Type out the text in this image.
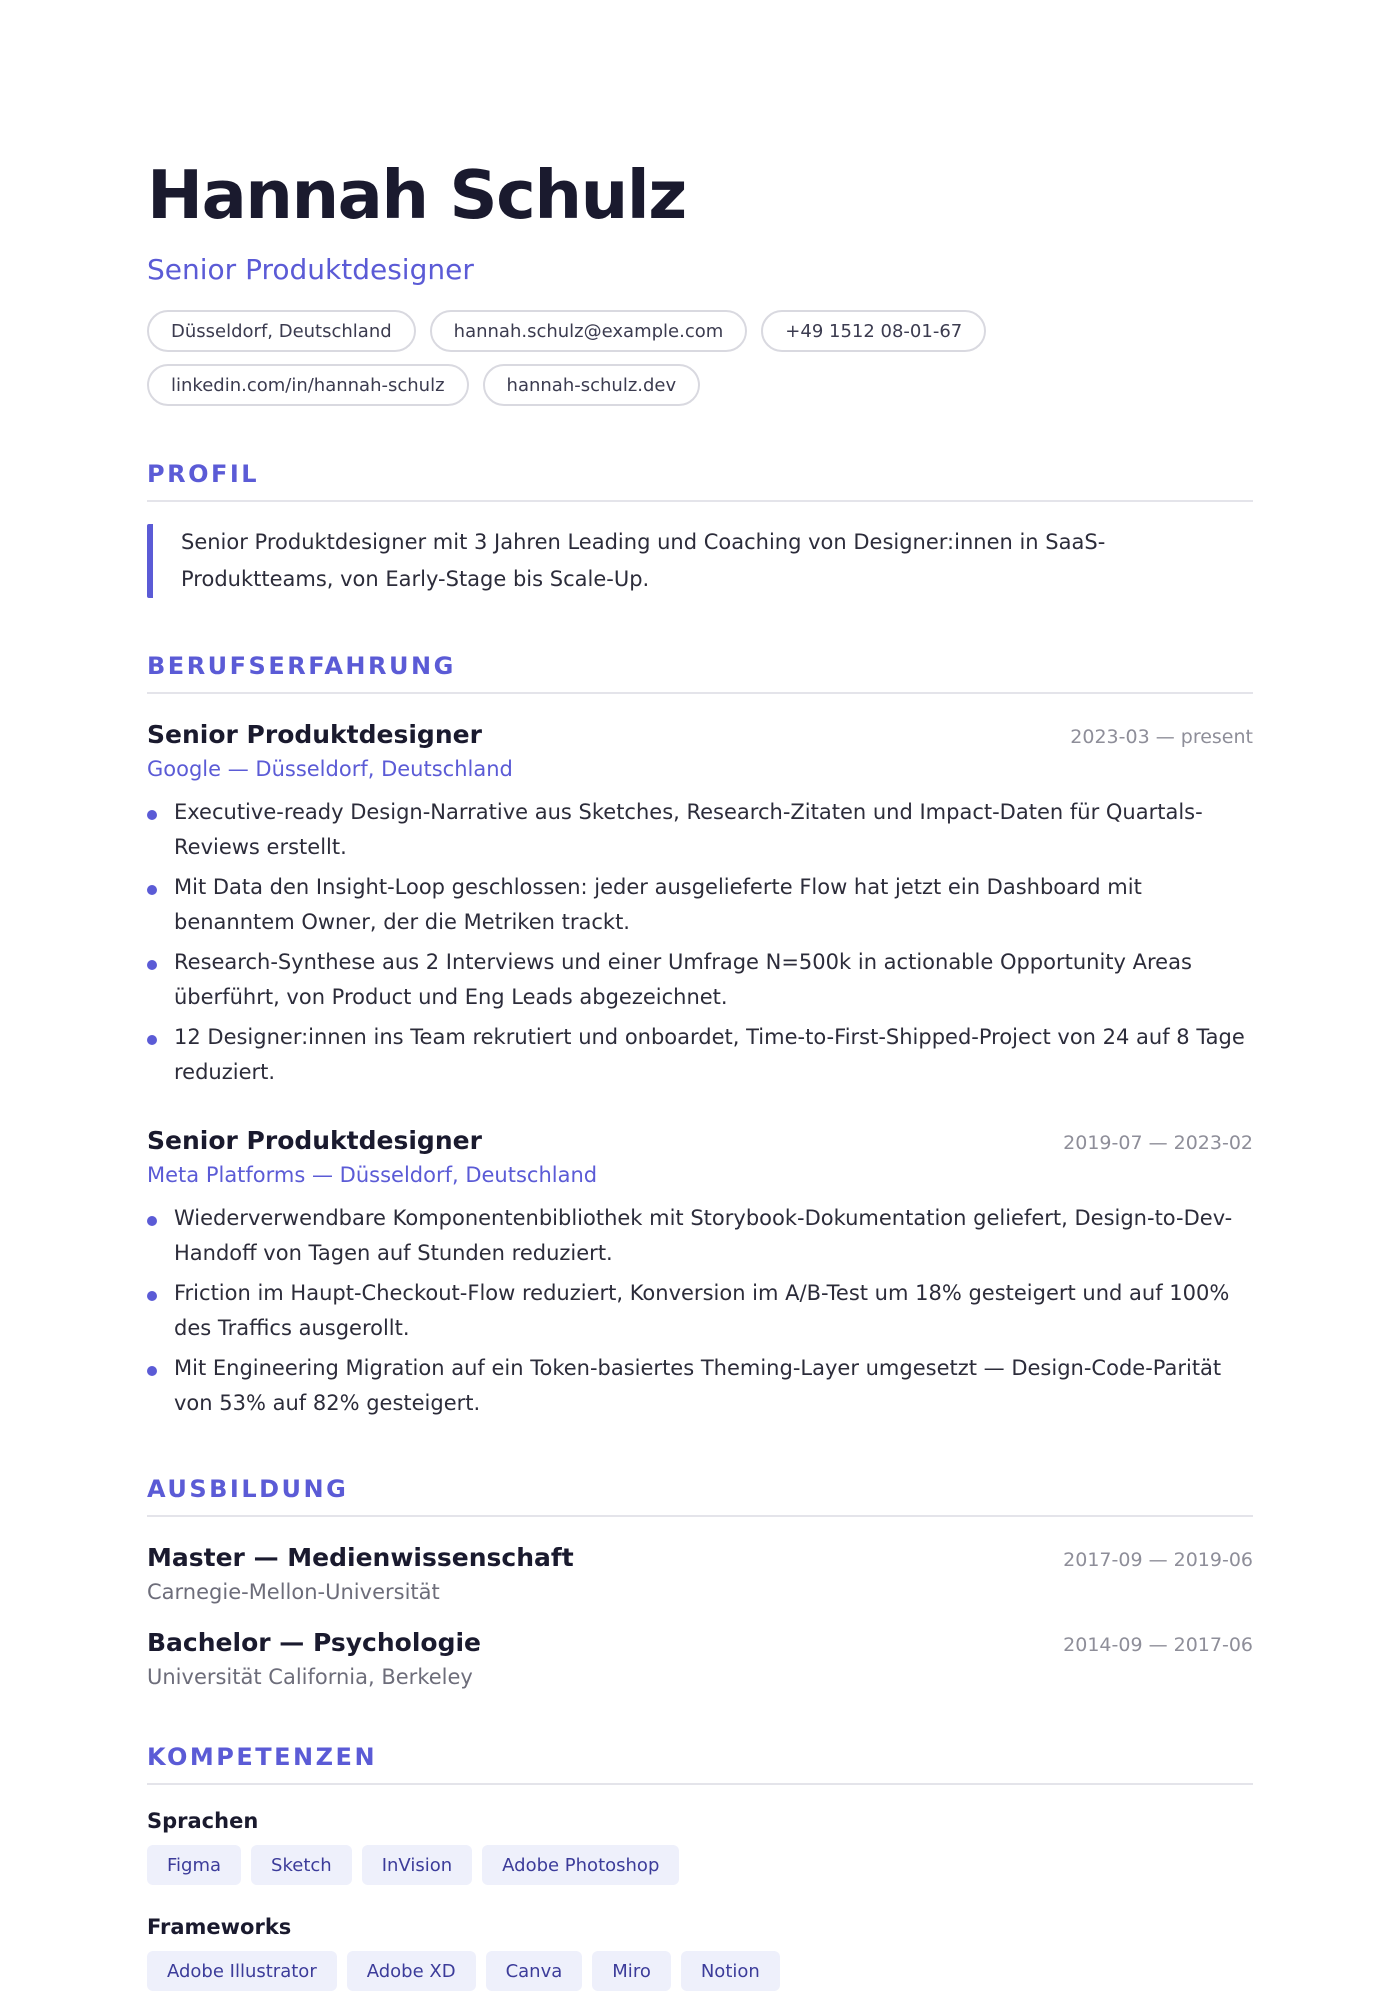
Hannah Schulz
Senior Produktdesigner
Düsseldorf, Deutschland	hannah.schulz@example.com	+49 1512 08-01-67
linkedin.com/in/hannah-schulz	hannah-schulz.dev
PROFIL
Senior Produktdesigner mit 3 Jahren Leading und Coaching von Designer:innen in SaaS-Produktteams, von Early-Stage bis Scale-Up.
BERUFSERFAHRUNG
Senior Produktdesigner	2023-03 — present
Google — Düsseldorf, Deutschland
Executive-ready Design-Narrative aus Sketches, Research-Zitaten und Impact-Daten für Quartals-Reviews erstellt.
Mit Data den Insight-Loop geschlossen: jeder ausgelieferte Flow hat jetzt ein Dashboard mit benanntem Owner, der die Metriken trackt.
Research-Synthese aus 2 Interviews und einer Umfrage N=500k in actionable Opportunity Areas überführt, von Product und Eng Leads abgezeichnet.
12 Designer:innen ins Team rekrutiert und onboardet, Time-to-First-Shipped-Project von 24 auf 8 Tage reduziert.
Senior Produktdesigner	2019-07 — 2023-02
Meta Platforms — Düsseldorf, Deutschland
Wiederverwendbare Komponentenbibliothek mit Storybook-Dokumentation geliefert, Design-to-Dev-Handoff von Tagen auf Stunden reduziert.
Friction im Haupt-Checkout-Flow reduziert, Konversion im A/B-Test um 18% gesteigert und auf 100% des Traffics ausgerollt.
Mit Engineering Migration auf ein Token-basiertes Theming-Layer umgesetzt — Design-Code-Parität von 53% auf 82% gesteigert.
AUSBILDUNG
Master — Medienwissenschaft	2017-09 — 2019-06
Carnegie-Mellon-Universität
Bachelor — Psychologie	2014-09 — 2017-06
Universität California, Berkeley
KOMPETENZEN
Sprachen
Figma	Sketch	InVision	Adobe Photoshop
Frameworks
Adobe Illustrator	Adobe XD	Canva	Miro	Notion
